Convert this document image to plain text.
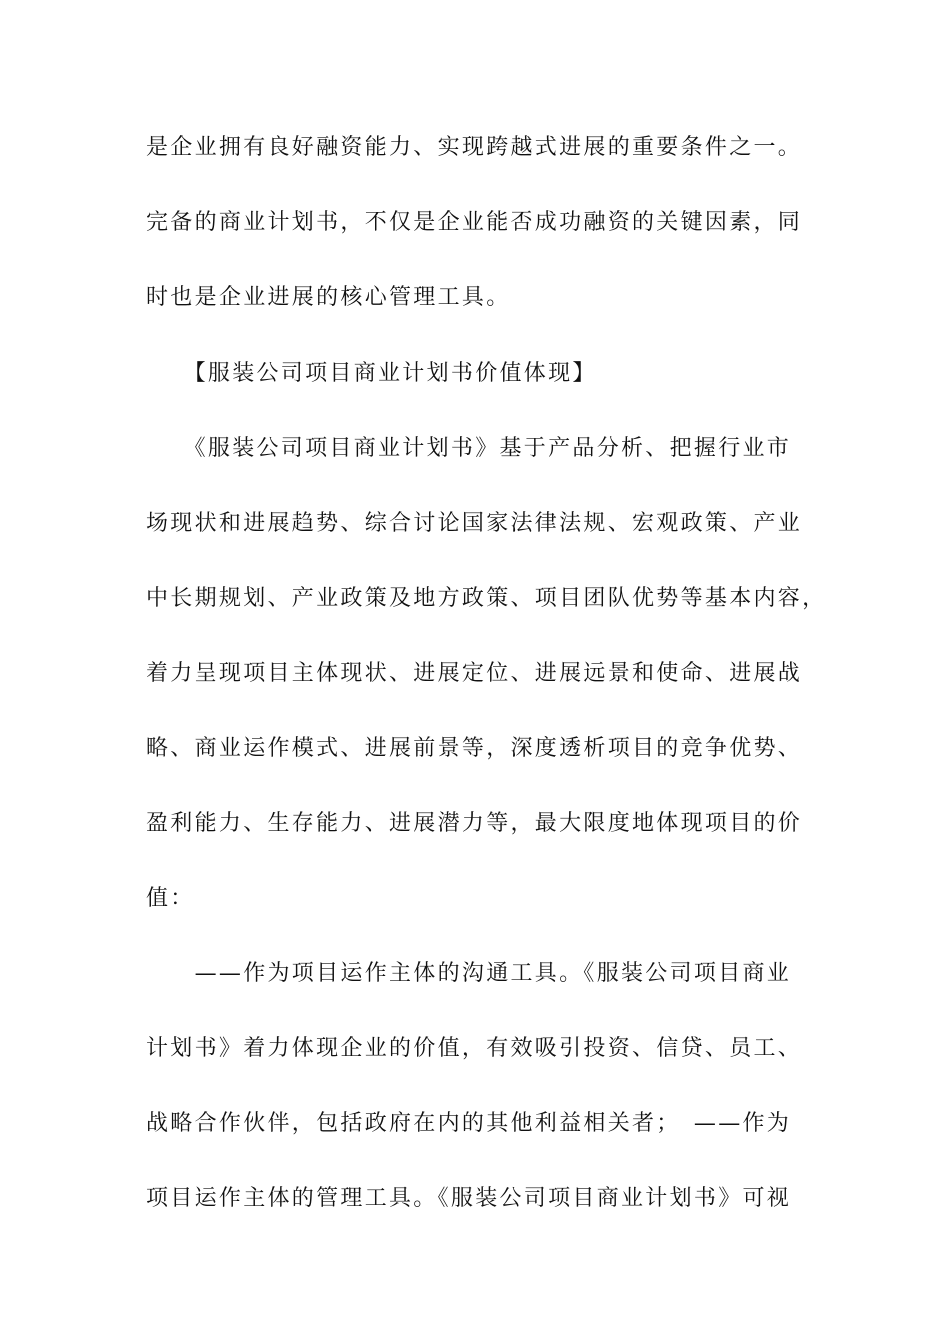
是企业拥有良好融资能力、实现跨越式进展的重要条件之一。
完备的商业计划书，不仅是企业能否成功融资的关键因素，同
时也是企业进展的核心管理工具。
　　【服装公司项目商业计划书价值体现】
　　《服装公司项目商业计划书》基于产品分析、把握行业市
场现状和进展趋势、综合讨论国家法律法规、宏观政策、产业
中长期规划、产业政策及地方政策、项目团队优势等基本内容，
着力呈现项目主体现状、进展定位、进展远景和使命、进展战
略、商业运作模式、进展前景等，深度透析项目的竞争优势、
盈利能力、生存能力、进展潜力等，最大限度地体现项目的价
值：
　　——作为项目运作主体的沟通工具。《服装公司项目商业
计划书》着力体现企业的价值，有效吸引投资、信贷、员工、
战略合作伙伴，包括政府在内的其他利益相关者；　——作为
项目运作主体的管理工具。《服装公司项目商业计划书》可视
